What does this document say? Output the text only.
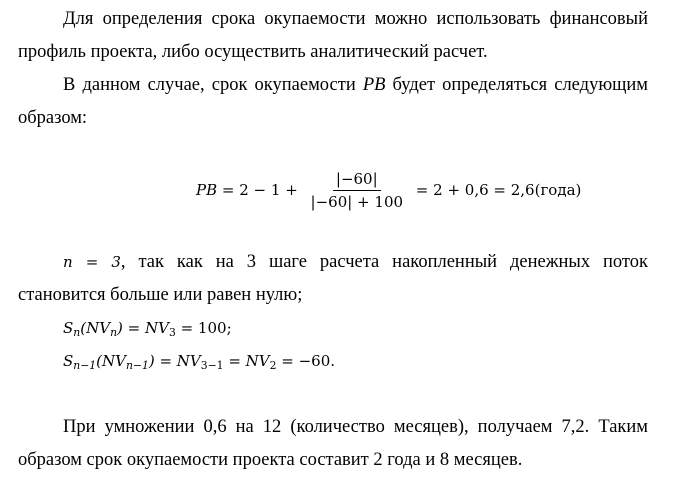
Для определения срока окупаемости можно использовать финансовый
профиль проекта, либо осуществить аналитический расчет.
В данном случае, срок окупаемости PB будет определяться следующим
образом:
PB = $2 - 1 + \frac{|-60|}{|-60| + 100} = 2 + 0,6$ = 2,6(года)
n = 3, так как на 3 шаге расчета накопленный денежных поток
становится больше или равен нулю;
$S_n(NV_n) = NV_3 = 100$;
$S_{n-1}(NV_{n-1}) = NV_{3-1} = NV_2 = -60$.
При умножении 0,6 на 12 (количество месяцев), получаем 7,2. Таким
образом срок окупаемости проекта составит 2 года и 8 месяцев.
